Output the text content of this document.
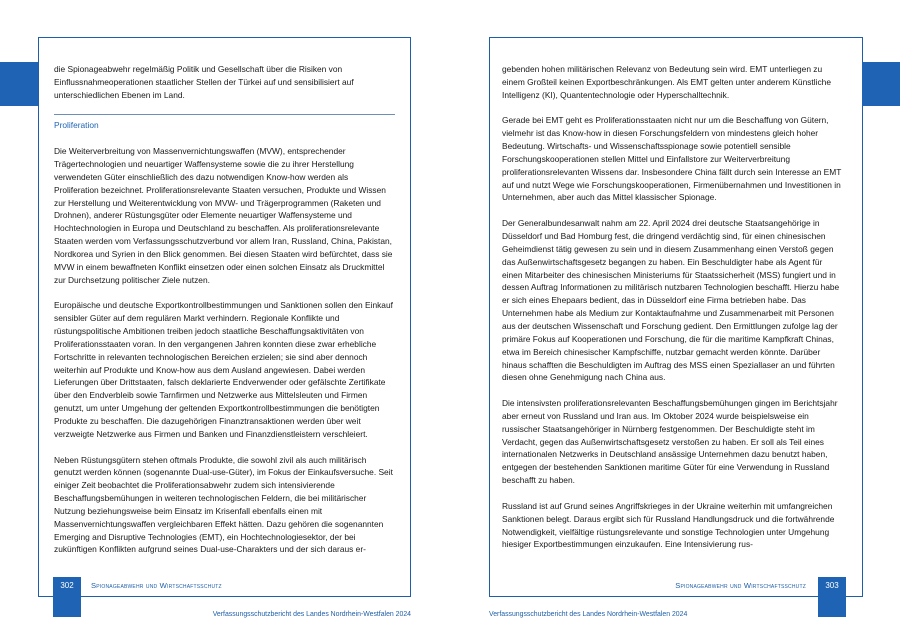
die Spionageabwehr regelmäßig Politik und Gesellschaft über die Risiken von Einflussnahmeoperationen staatlicher Stellen der Türkei auf und sensibilisiert auf unterschiedlichen Ebenen im Land.

Proliferation

Die Weiterverbreitung von Massenvernichtungswaffen (MVW), entsprechender Trägertechnologien und neuartiger Waffensysteme sowie die zu ihrer Herstellung verwendeten Güter einschließlich des dazu notwendigen Know-how werden als Proliferation bezeichnet. Proliferationsrelevante Staaten versuchen, Produkte und Wissen zur Herstellung und Weiterentwicklung von MVW- und Trägerprogrammen (Raketen und Drohnen), anderer Rüstungsgüter oder Elemente neuartiger Waffensysteme und Hochtechnologien in Europa und Deutschland zu beschaffen. Als proliferationsrelevante Staaten werden vom Verfassungsschutzverbund vor allem Iran, Russland, China, Pakistan, Nordkorea und Syrien in den Blick genommen. Bei diesen Staaten wird befürchtet, dass sie MVW in einem bewaffneten Konflikt einsetzen oder einen solchen Einsatz als Druckmittel zur Durchsetzung politischer Ziele nutzen.

Europäische und deutsche Exportkontrollbestimmungen und Sanktionen sollen den Einkauf sensibler Güter auf dem regulären Markt verhindern. Regionale Konflikte und rüstungspolitische Ambitionen treiben jedoch staatliche Beschaffungsaktivitäten von Proliferationsstaaten voran. In den vergangenen Jahren konnten diese zwar erhebliche Fortschritte in relevanten technologischen Bereichen erzielen; sie sind aber dennoch weiterhin auf Produkte und Know-how aus dem Ausland angewiesen. Dabei werden Lieferungen über Drittstaaten, falsch deklarierte Endverwender oder gefälschte Zertifikate über den Endverbleib sowie Tarnfirmen und Netzwerke aus Mittelsleuten und Firmen genutzt, um unter Umgehung der geltenden Exportkontrollbestimmungen die benötigten Produkte zu beschaffen. Die dazugehörigen Finanztransaktionen werden über weit verzweigte Netzwerke aus Firmen und Banken und Finanzdienstleistern verschleiert.

Neben Rüstungsgütern stehen oftmals Produkte, die sowohl zivil als auch militärisch genutzt werden können (sogenannte Dual-use-Güter), im Fokus der Einkaufsversuche. Seit einiger Zeit beobachtet die Proliferationsabwehr zudem sich intensivierende Beschaffungsbemühungen in weiteren technologischen Feldern, die bei militärischer Nutzung beziehungsweise beim Einsatz im Krisenfall ebenfalls einen mit Massenvernichtungswaffen vergleichbaren Effekt hätten. Dazu gehören die sogenannten Emerging and Disruptive Technologies (EMT), ein Hochtechnologiesektor, der bei zukünftigen Konflikten aufgrund seines Dual-use-Charakters und der sich daraus er-

302	Spionageabwehr und Wirtschaftsschutz
Verfassungsschutzbericht des Landes Nordrhein-Westfalen 2024

gebenden hohen militärischen Relevanz von Bedeutung sein wird. EMT unterliegen zu einem Großteil keinen Exportbeschränkungen. Als EMT gelten unter anderem Künstliche Intelligenz (KI), Quantentechnologie oder Hyperschalltechnik.

Gerade bei EMT geht es Proliferationsstaaten nicht nur um die Beschaffung von Gütern, vielmehr ist das Know-how in diesen Forschungsfeldern von mindestens gleich hoher Bedeutung. Wirtschafts- und Wissenschaftsspionage sowie potentiell sensible Forschungskooperationen stellen Mittel und Einfallstore zur Weiterverbreitung proliferationsrelevanten Wissens dar. Insbesondere China fällt durch sein Interesse an EMT auf und nutzt Wege wie Forschungskooperationen, Firmenübernahmen und Investitionen in Unternehmen, aber auch das Mittel klassischer Spionage.

Der Generalbundesanwalt nahm am 22. April 2024 drei deutsche Staatsangehörige in Düsseldorf und Bad Homburg fest, die dringend verdächtig sind, für einen chinesischen Geheimdienst tätig gewesen zu sein und in diesem Zusammenhang einen Verstoß gegen das Außenwirtschaftsgesetz begangen zu haben. Ein Beschuldigter habe als Agent für einen Mitarbeiter des chinesischen Ministeriums für Staatssicherheit (MSS) fungiert und in dessen Auftrag Informationen zu militärisch nutzbaren Technologien beschafft. Hierzu habe er sich eines Ehepaars bedient, das in Düsseldorf eine Firma betrieben habe. Das Unternehmen habe als Medium zur Kontaktaufnahme und Zusammenarbeit mit Personen aus der deutschen Wissenschaft und Forschung gedient. Den Ermittlungen zufolge lag der primäre Fokus auf Kooperationen und Forschung, die für die maritime Kampfkraft Chinas, etwa im Bereich chinesischer Kampfschiffe, nutzbar gemacht werden könnte. Darüber hinaus schafften die Beschuldigten im Auftrag des MSS einen Speziallaser an und führten diesen ohne Genehmigung nach China aus.

Die intensivsten proliferationsrelevanten Beschaffungsbemühungen gingen im Berichtsjahr aber erneut von Russland und Iran aus. Im Oktober 2024 wurde beispielsweise ein russischer Staatsangehöriger in Nürnberg festgenommen. Der Beschuldigte steht im Verdacht, gegen das Außenwirtschaftsgesetz verstoßen zu haben. Er soll als Teil eines internationalen Netzwerks in Deutschland ansässige Unternehmen dazu benutzt haben, entgegen der bestehenden Sanktionen maritime Güter für eine Verwendung in Russland beschafft zu haben.

Russland ist auf Grund seines Angriffskrieges in der Ukraine weiterhin mit umfangreichen Sanktionen belegt. Daraus ergibt sich für Russland Handlungsdruck und die fortwährende Notwendigkeit, vielfältige rüstungsrelevante und sonstige Technologien unter Umgehung hiesiger Exportbestimmungen einzukaufen. Eine Intensivierung rus-

303
Spionageabwehr und Wirtschaftsschutz
Verfassungsschutzbericht des Landes Nordrhein-Westfalen 2024
